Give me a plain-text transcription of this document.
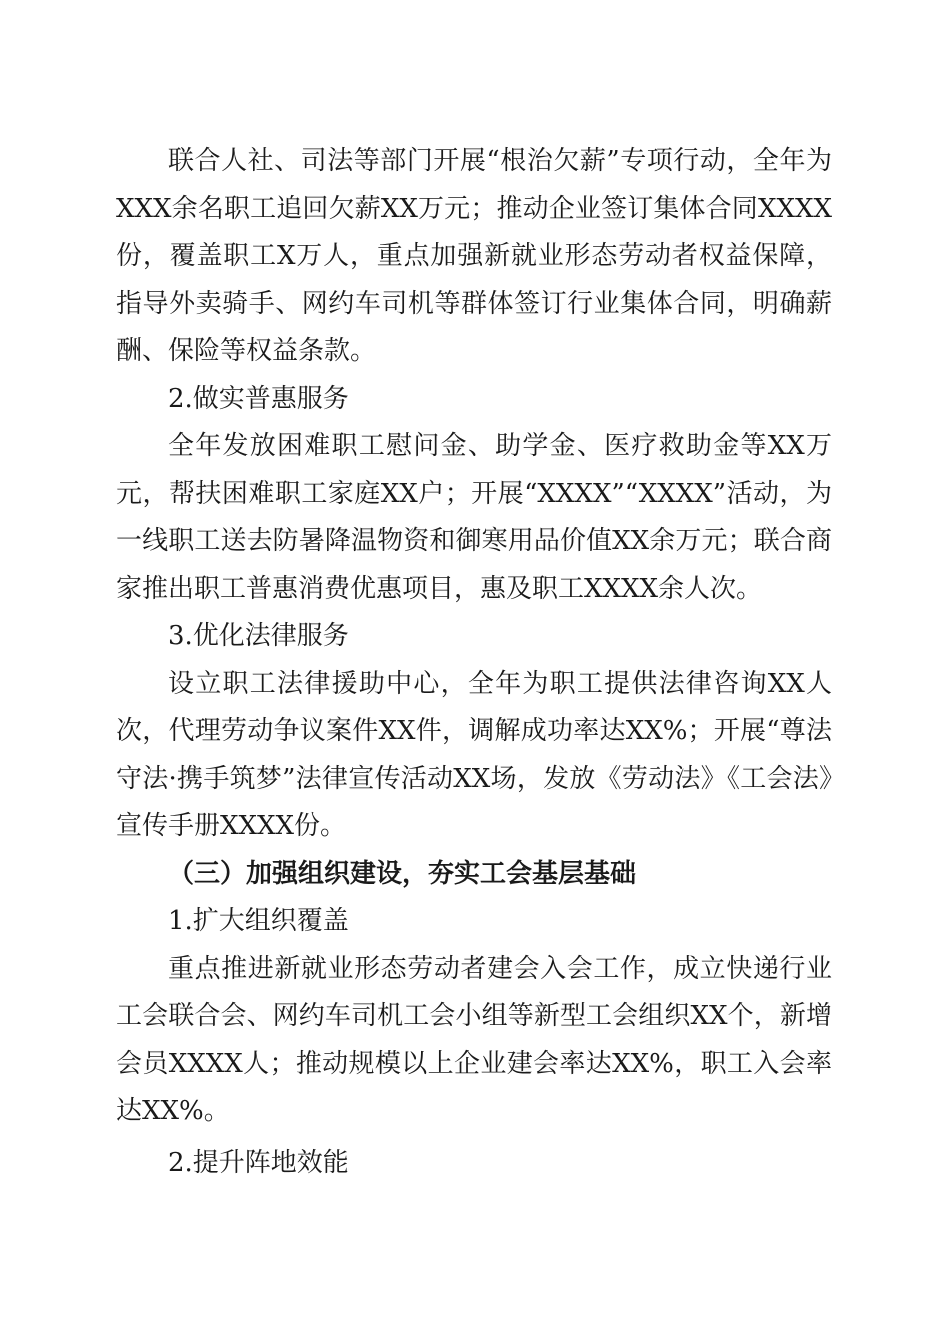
联合人社、司法等部门开展“根治欠薪”专项行动，全年为XXX余名职工追回欠薪XX万元；推动企业签订集体合同XXXX份，覆盖职工X万人，重点加强新就业形态劳动者权益保障，指导外卖骑手、网约车司机等群体签订行业集体合同，明确薪酬、保险等权益条款。

2.做实普惠服务

全年发放困难职工慰问金、助学金、医疗救助金等XX万元，帮扶困难职工家庭XX户；开展“XXXX”“XXXX”活动，为一线职工送去防暑降温物资和御寒用品价值XX余万元；联合商家推出职工普惠消费优惠项目，惠及职工XXXX余人次。

3.优化法律服务

设立职工法律援助中心，全年为职工提供法律咨询XX人次，代理劳动争议案件XX件，调解成功率达XX%；开展“尊法守法·携手筑梦”法律宣传活动XX场，发放《劳动法》《工会法》宣传手册XXXX份。

（三）加强组织建设，夯实工会基层基础

1.扩大组织覆盖

重点推进新就业形态劳动者建会入会工作，成立快递行业工会联合会、网约车司机工会小组等新型工会组织XX个，新增会员XXXX人；推动规模以上企业建会率达XX%，职工入会率达XX%。

2.提升阵地效能
